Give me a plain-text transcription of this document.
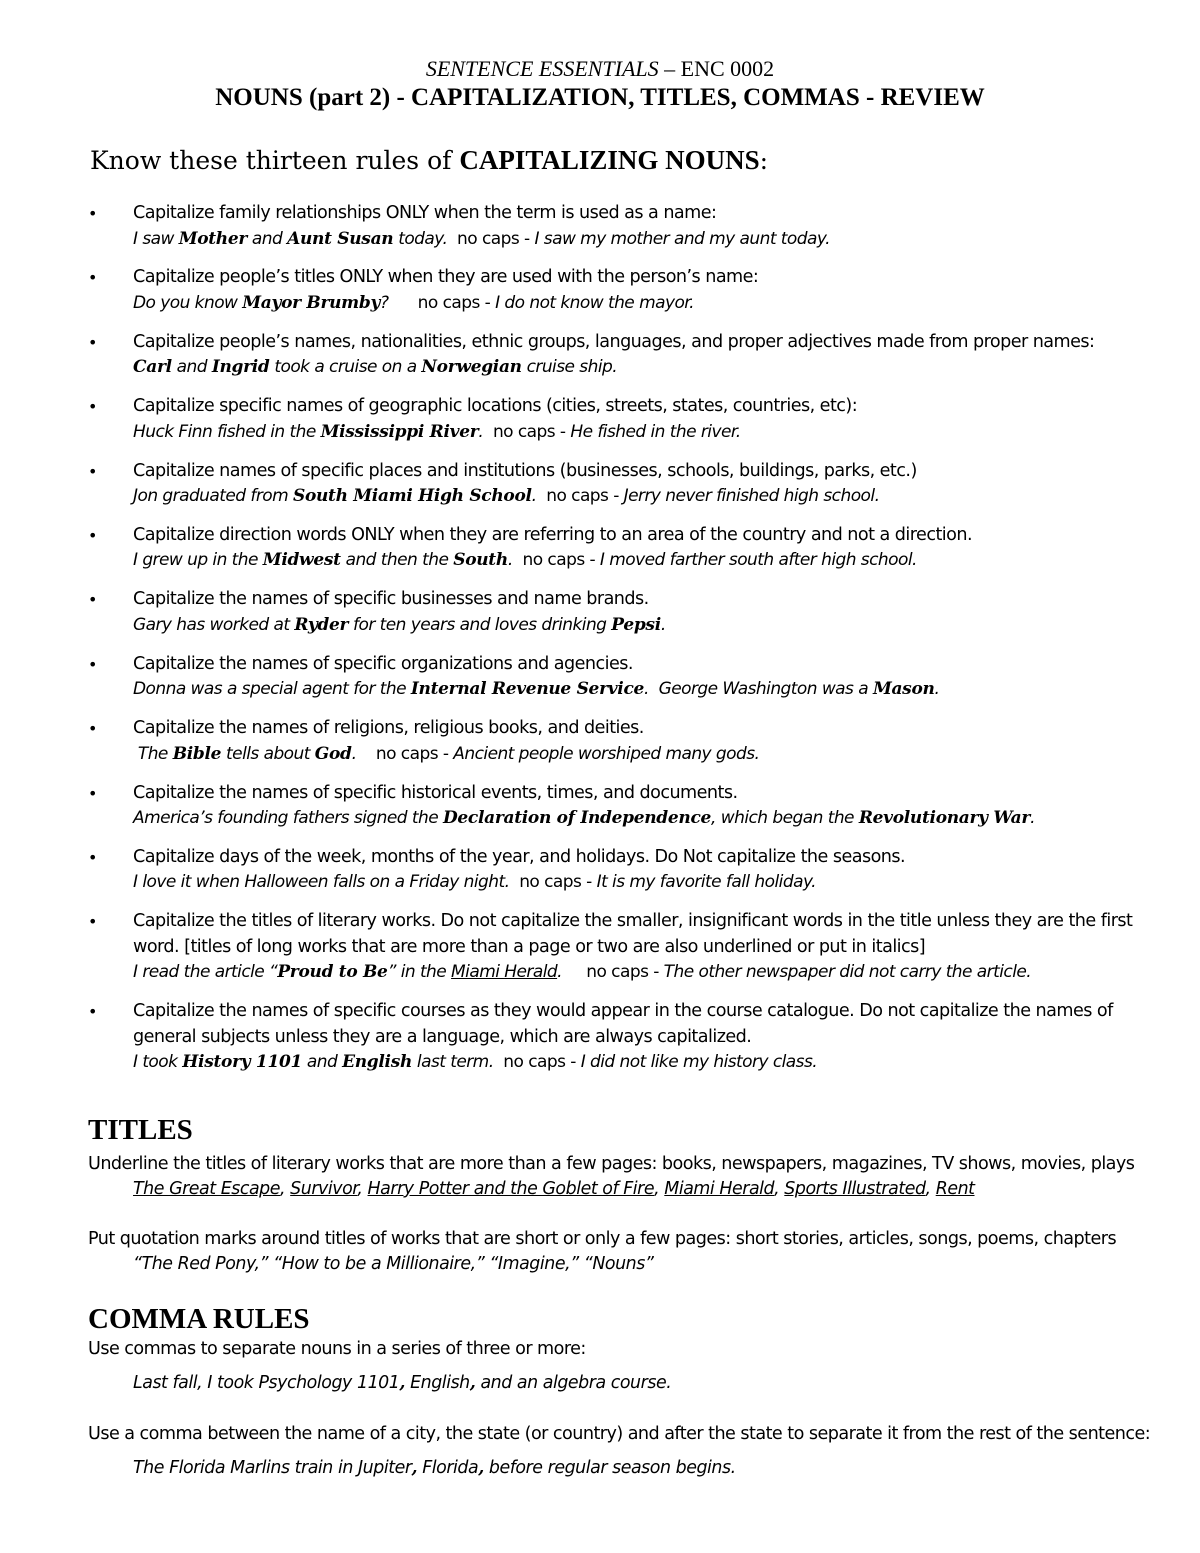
SENTENCE ESSENTIALS – ENC 0002
NOUNS (part 2) - CAPITALIZATION, TITLES, COMMAS - REVIEW
Know these thirteen rules of CAPITALIZING NOUNS:
• Capitalize family relationships ONLY when the term is used as a name:
I saw Mother and Aunt Susan today.  no caps - I saw my mother and my aunt today.
• Capitalize people’s titles ONLY when they are used with the person’s name:
Do you know Mayor Brumby?      no caps - I do not know the mayor.
• Capitalize people’s names, nationalities, ethnic groups, languages, and proper adjectives made from proper names:
Carl and Ingrid took a cruise on a Norwegian cruise ship.
• Capitalize specific names of geographic locations (cities, streets, states, countries, etc):
Huck Finn fished in the Mississippi River.  no caps - He fished in the river.
• Capitalize names of specific places and institutions (businesses, schools, buildings, parks, etc.)
Jon graduated from South Miami High School.  no caps - Jerry never finished high school.
• Capitalize direction words ONLY when they are referring to an area of the country and not a direction.
I grew up in the Midwest and then the South.  no caps - I moved farther south after high school.
• Capitalize the names of specific businesses and name brands.
Gary has worked at Ryder for ten years and loves drinking Pepsi.
• Capitalize the names of specific organizations and agencies.
Donna was a special agent for the Internal Revenue Service.  George Washington was a Mason.
• Capitalize the names of religions, religious books, and deities.
The Bible tells about God.    no caps - Ancient people worshiped many gods.
• Capitalize the names of specific historical events, times, and documents.
America’s founding fathers signed the Declaration of Independence, which began the Revolutionary War.
• Capitalize days of the week, months of the year, and holidays. Do Not capitalize the seasons.
I love it when Halloween falls on a Friday night.  no caps - It is my favorite fall holiday.
• Capitalize the titles of literary works. Do not capitalize the smaller, insignificant words in the title unless they are the first word. [titles of long works that are more than a page or two are also underlined or put in italics]
I read the article “Proud to Be” in the Miami Herald.     no caps - The other newspaper did not carry the article.
• Capitalize the names of specific courses as they would appear in the course catalogue. Do not capitalize the names of general subjects unless they are a language, which are always capitalized.
I took History 1101 and English last term.  no caps - I did not like my history class.
TITLES
Underline the titles of literary works that are more than a few pages: books, newspapers, magazines, TV shows, movies, plays
The Great Escape, Survivor, Harry Potter and the Goblet of Fire, Miami Herald, Sports Illustrated, Rent
Put quotation marks around titles of works that are short or only a few pages: short stories, articles, songs, poems, chapters
“The Red Pony,” “How to be a Millionaire,” “Imagine,” “Nouns”
COMMA RULES
Use commas to separate nouns in a series of three or more:
Last fall, I took Psychology 1101, English, and an algebra course.
Use a comma between the name of a city, the state (or country) and after the state to separate it from the rest of the sentence:
The Florida Marlins train in Jupiter, Florida, before regular season begins.
